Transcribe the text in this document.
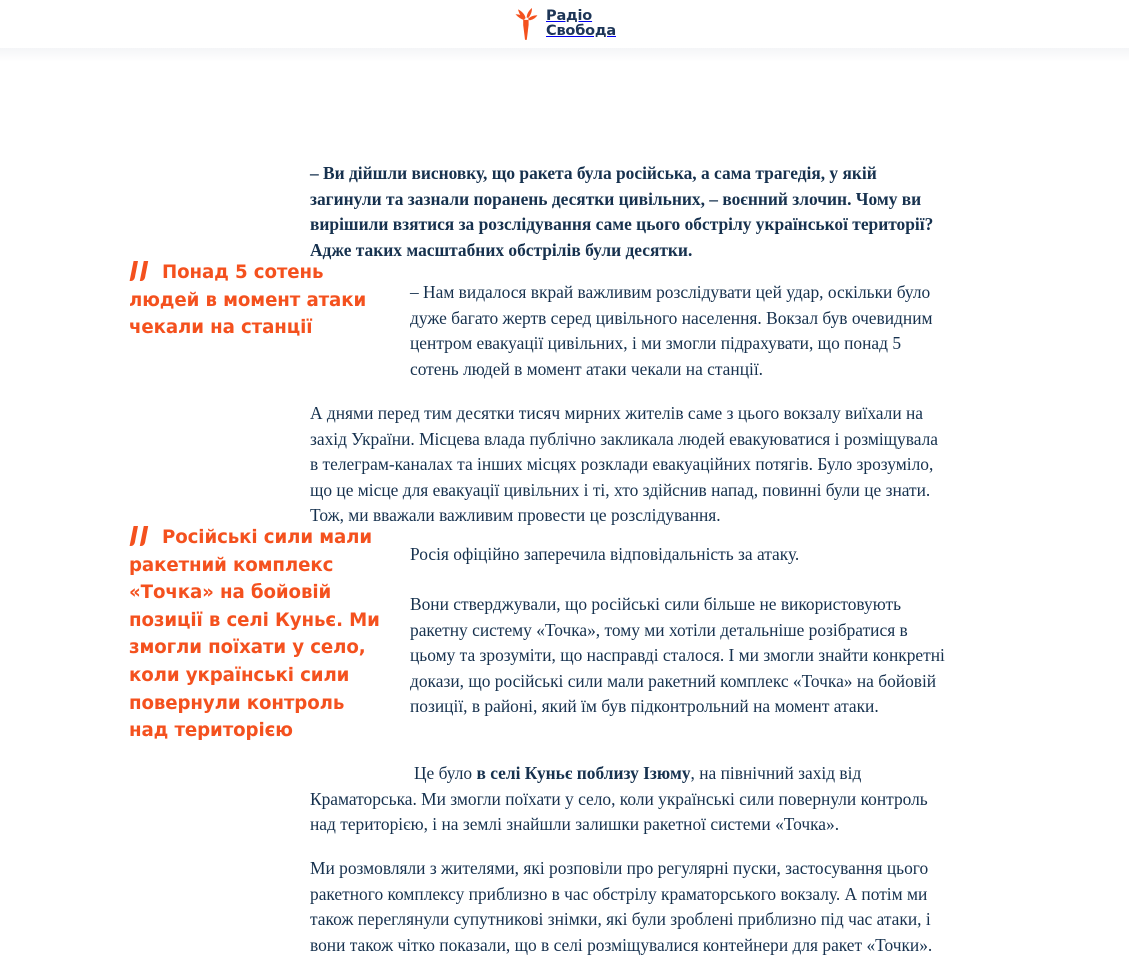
Радіо
Свобода

– Ви дійшли висновку, що ракета була російська, а сама трагедія, у якій загинули та зазнали поранень десятки цивільних, – воєнний злочин. Чому ви вирішили взятися за розслідування саме цього обстрілу української території? Адже таких масштабних обстрілів були десятки.

Понад 5 сотень людей в момент атаки чекали на станції

– Нам видалося вкрай важливим розслідувати цей удар, оскільки було дуже багато жертв серед цивільного населення. Вокзал був очевидним центром евакуації цивільних, і ми змогли підрахувати, що понад 5 сотень людей в момент атаки чекали на станції.

А днями перед тим десятки тисяч мирних жителів саме з цього вокзалу виїхали на захід України. Місцева влада публічно закликала людей евакуюватися і розміщувала в телеграм-каналах та інших місцях розклади евакуаційних потягів. Було зрозуміло, що це місце для евакуації цивільних і ті, хто здійснив напад, повинні були це знати. Тож, ми вважали важливим провести це розслідування.

Російські сили мали ракетний комплекс «Точка» на бойовій позиції в селі Куньє. Ми змогли поїхати у село, коли українські сили повернули контроль над територією

Росія офіційно заперечила відповідальність за атаку.

Вони стверджували, що російські сили більше не використовують ракетну систему «Точка», тому ми хотіли детальніше розібратися в цьому та зрозуміти, що насправді сталося. І ми змогли знайти конкретні докази, що російські сили мали ракетний комплекс «Точка» на бойовій позиції, в районі, який їм був підконтрольний на момент атаки.

Це було в селі Куньє поблизу Ізюму, на північний захід від Краматорська. Ми змогли поїхати у село, коли українські сили повернули контроль над територією, і на землі знайшли залишки ракетної системи «Точка».

Ми розмовляли з жителями, які розповіли про регулярні пуски, застосування цього ракетного комплексу приблизно в час обстрілу краматорського вокзалу. А потім ми також переглянули супутникові знімки, які були зроблені приблизно під час атаки, і вони також чітко показали, що в селі розміщувалися контейнери для ракет «Точки».
